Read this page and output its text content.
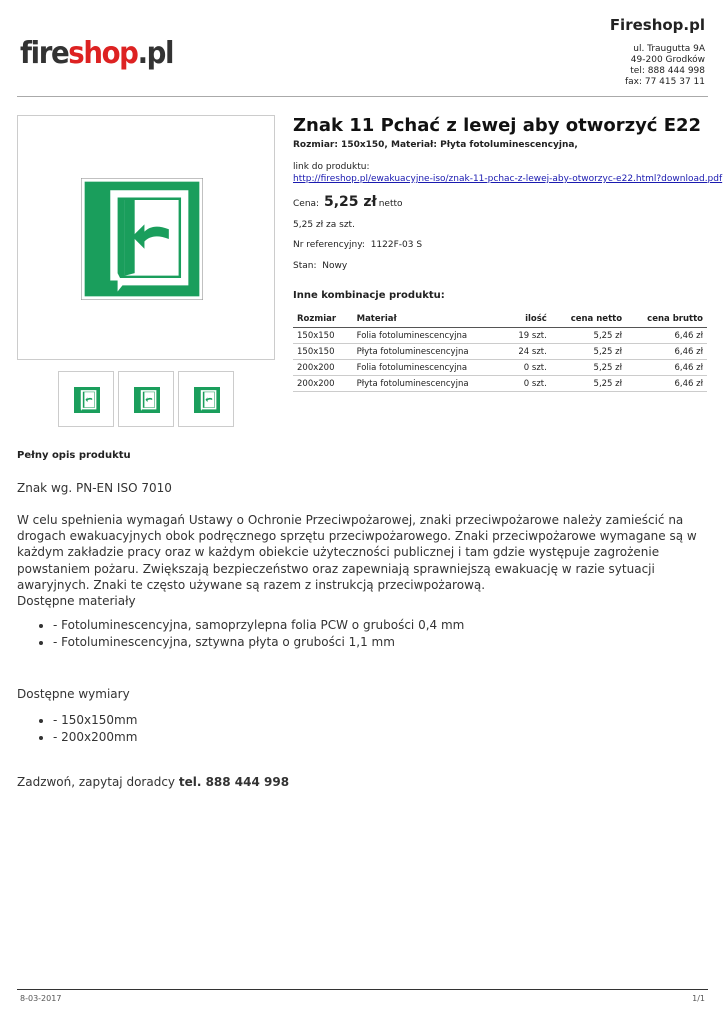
fireshop.pl
Fireshop.pl
ul. Traugutta 9A
49-200 Grodków
tel: 888 444 998
fax: 77 415 37 11
Znak 11 Pchać z lewej aby otworzyć E22
Rozmiar: 150x150, Materiał: Płyta fotoluminescencyjna,
link do produktu:
http://fireshop.pl/ewakuacyjne-iso/znak-11-pchac-z-lewej-aby-otworzyc-e22.html?download.pdf
Cena: 5,25 zł netto
5,25 zł za szt.
Nr referencyjny: 1122F-03 S
Stan: Nowy
Inne kombinacje produktu:
Rozmiar	Materiał	ilość	cena netto	cena brutto
150x150	Folia fotoluminescencyjna	19 szt.	5,25 zł	6,46 zł
150x150	Płyta fotoluminescencyjna	24 szt.	5,25 zł	6,46 zł
200x200	Folia fotoluminescencyjna	0 szt.	5,25 zł	6,46 zł
200x200	Płyta fotoluminescencyjna	0 szt.	5,25 zł	6,46 zł
Pełny opis produktu
Znak wg. PN-EN ISO 7010
W celu spełnienia wymagań Ustawy o Ochronie Przeciwpożarowej, znaki przeciwpożarowe należy zamieścić na drogach ewakuacyjnych obok podręcznego sprzętu przeciwpożarowego. Znaki przeciwpożarowe wymagane są w każdym zakładzie pracy oraz w każdym obiekcie użyteczności publicznej i tam gdzie występuje zagrożenie powstaniem pożaru. Zwiększają bezpieczeństwo oraz zapewniają sprawniejszą ewakuację w razie sytuacji awaryjnych. Znaki te często używane są razem z instrukcją przeciwpożarową.
Dostępne materiały
• - Fotoluminescencyjna, samoprzylepna folia PCW o grubości 0,4 mm
• - Fotoluminescencyjna, sztywna płyta o grubości 1,1 mm
Dostępne wymiary
• - 150x150mm
• - 200x200mm
Zadzwoń, zapytaj doradcy tel. 888 444 998
8-03-2017	1/1
